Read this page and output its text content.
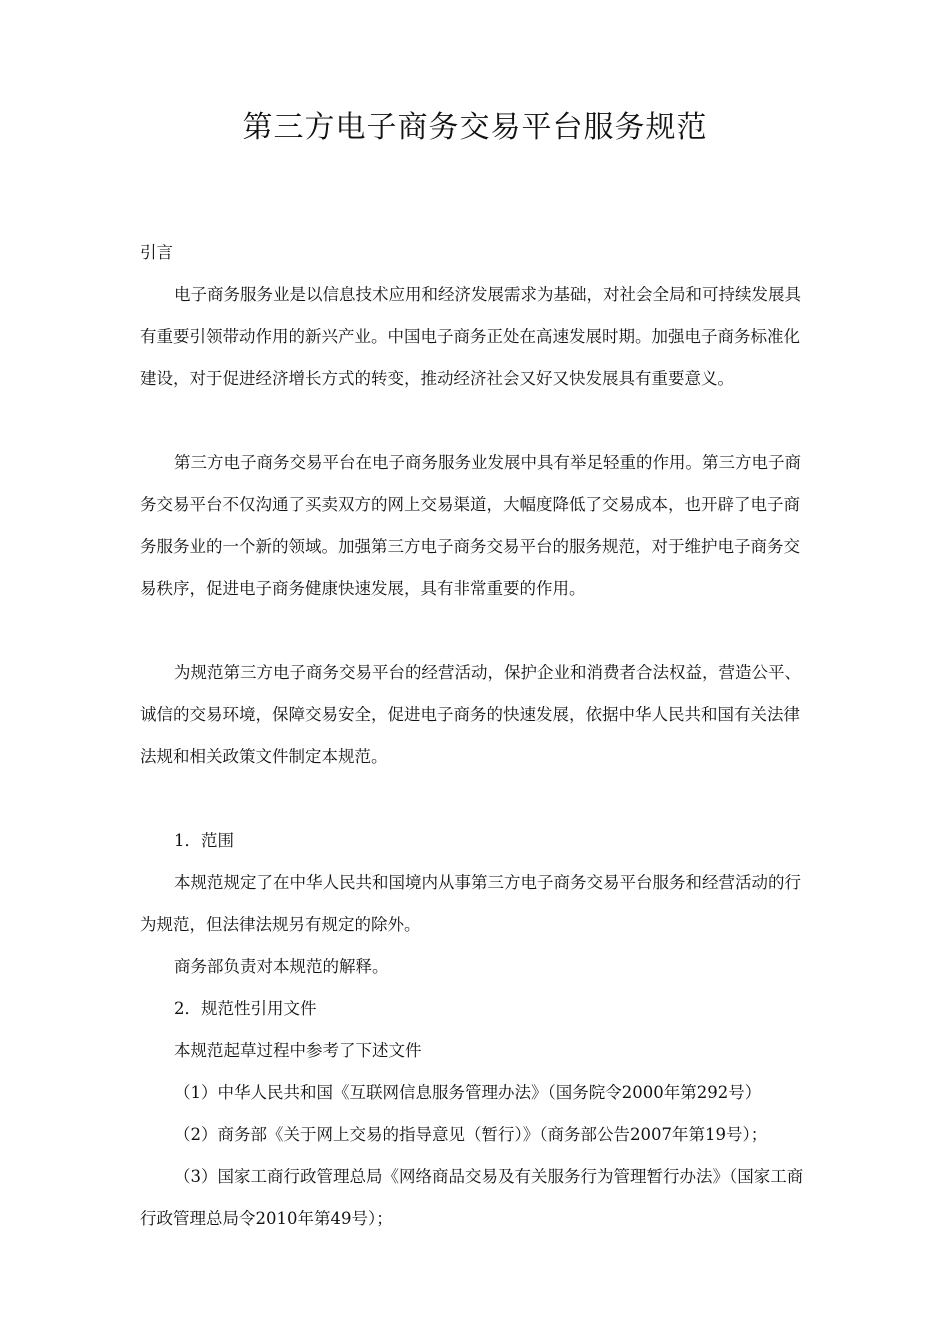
第三方电子商务交易平台服务规范

引言

电子商务服务业是以信息技术应用和经济发展需求为基础，对社会全局和可持续发展具有重要引领带动作用的新兴产业。中国电子商务正处在高速发展时期。加强电子商务标准化建设，对于促进经济增长方式的转变，推动经济社会又好又快发展具有重要意义。

第三方电子商务交易平台在电子商务服务业发展中具有举足轻重的作用。第三方电子商务交易平台不仅沟通了买卖双方的网上交易渠道，大幅度降低了交易成本，也开辟了电子商务服务业的一个新的领域。加强第三方电子商务交易平台的服务规范，对于维护电子商务交易秩序，促进电子商务健康快速发展，具有非常重要的作用。

为规范第三方电子商务交易平台的经营活动，保护企业和消费者合法权益，营造公平、诚信的交易环境，保障交易安全，促进电子商务的快速发展，依据中华人民共和国有关法律法规和相关政策文件制定本规范。

1．范围

本规范规定了在中华人民共和国境内从事第三方电子商务交易平台服务和经营活动的行为规范，但法律法规另有规定的除外。

商务部负责对本规范的解释。

2．规范性引用文件

本规范起草过程中参考了下述文件

（1）中华人民共和国《互联网信息服务管理办法》（国务院令2000年第292号）

（2）商务部《关于网上交易的指导意见（暂行）》（商务部公告2007年第19号）；

（3）国家工商行政管理总局《网络商品交易及有关服务行为管理暂行办法》（国家工商行政管理总局令2010年第49号）；
